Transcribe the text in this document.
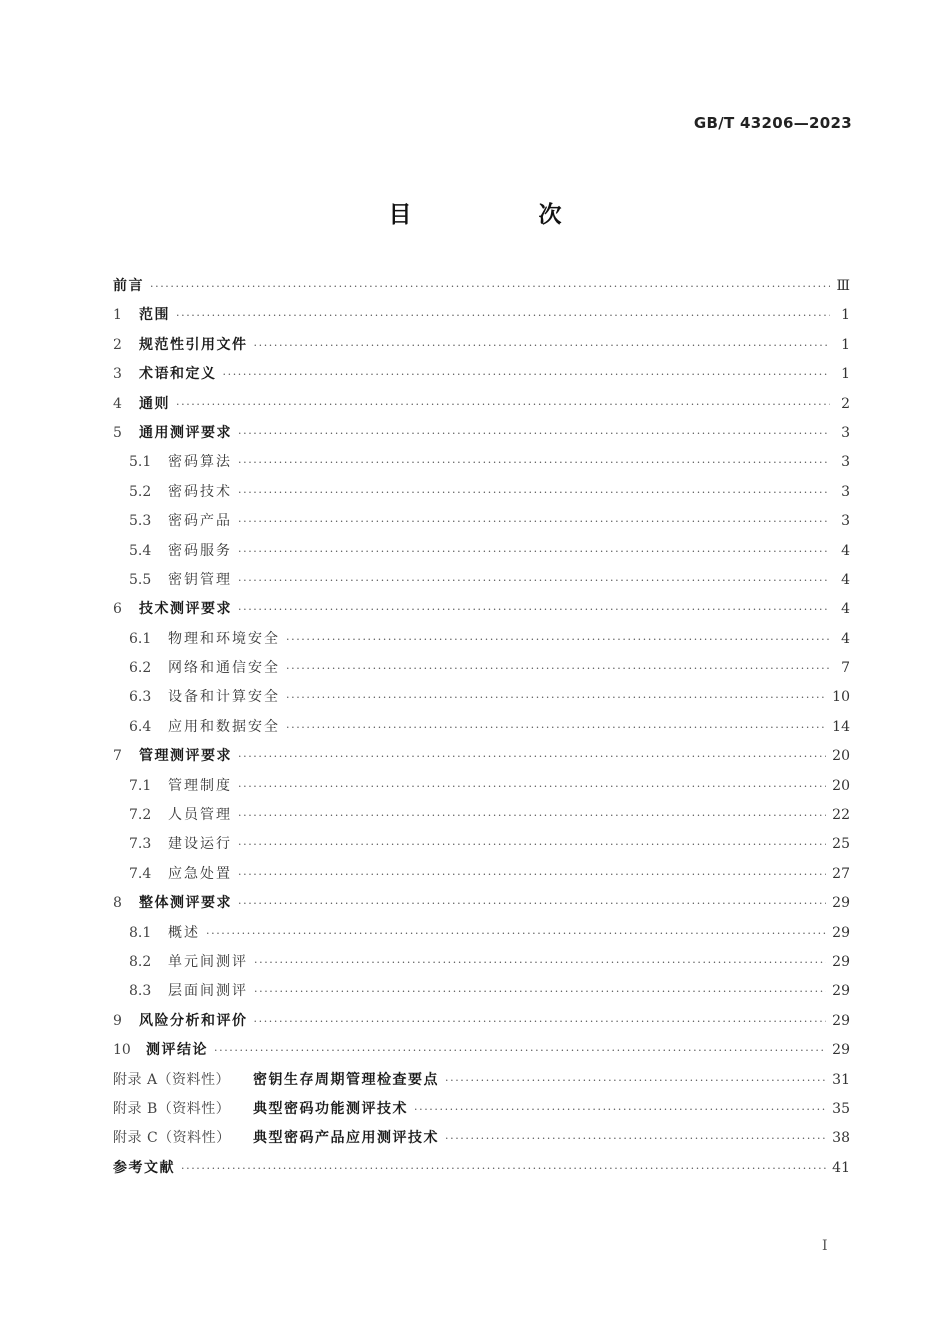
GB/T 43206—2023
目　次
前言 ·····	Ⅲ
1	范围 ·····	1
2	规范性引用文件 ·····	1
3	术语和定义 ·····	1
4	通则 ·····	2
5	通用测评要求 ·····	3
5.1	密码算法 ·····	3
5.2	密码技术 ·····	3
5.3	密码产品 ·····	3
5.4	密码服务 ·····	4
5.5	密钥管理 ·····	4
6	技术测评要求 ·····	4
6.1	物理和环境安全 ·····	4
6.2	网络和通信安全 ·····	7
6.3	设备和计算安全 ·····	10
6.4	应用和数据安全 ·····	14
7	管理测评要求 ·····	20
7.1	管理制度 ·····	20
7.2	人员管理 ·····	22
7.3	建设运行 ·····	25
7.4	应急处置 ·····	27
8	整体测评要求 ·····	29
8.1	概述 ·····	29
8.2	单元间测评 ·····	29
8.3	层面间测评 ·····	29
9	风险分析和评价 ·····	29
10	测评结论 ·····	29
附录 A（资料性）	密钥生存周期管理检查要点 ·····	31
附录 B（资料性）	典型密码功能测评技术 ·····	35
附录 C（资料性）	典型密码产品应用测评技术 ·····	38
参考文献 ·····	41
Ⅰ
